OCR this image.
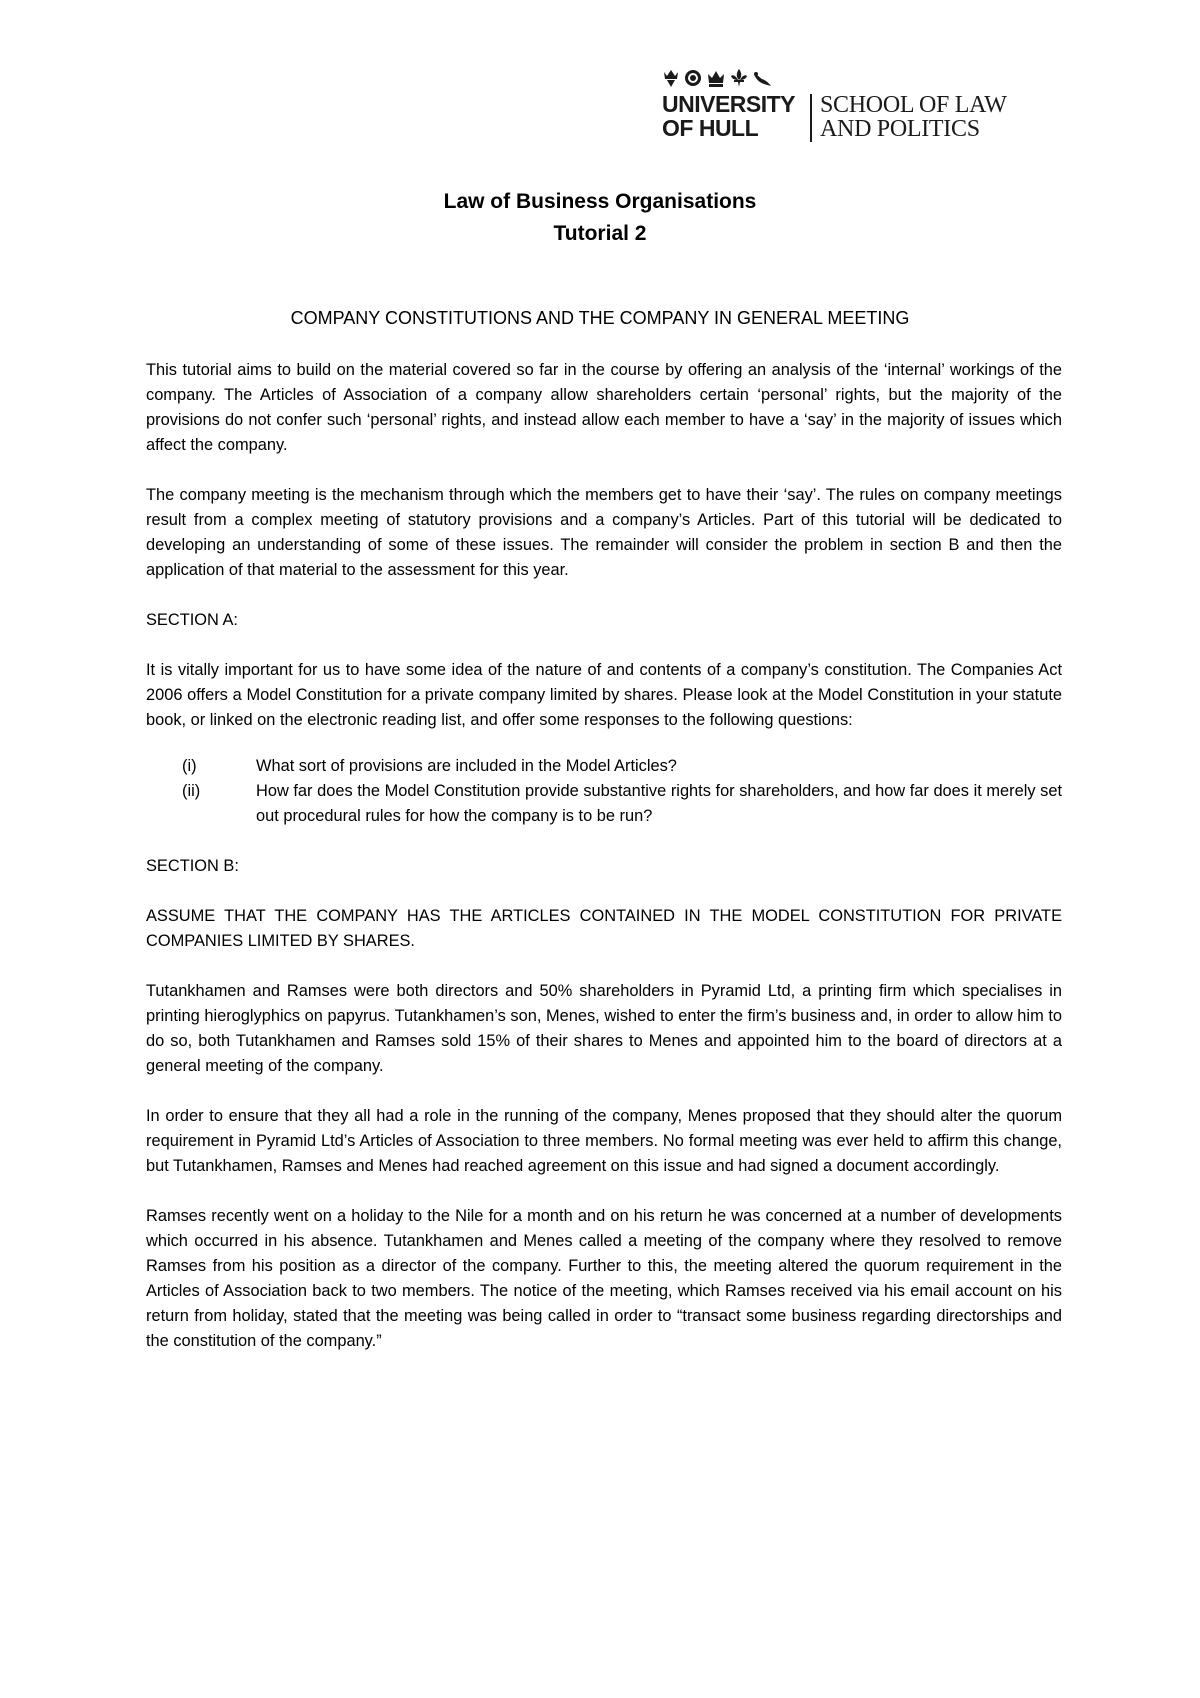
UNIVERSITY
OF HULL
SCHOOL OF LAW
AND POLITICS
Law of Business Organisations
Tutorial 2
COMPANY CONSTITUTIONS AND THE COMPANY IN GENERAL MEETING

This tutorial aims to build on the material covered so far in the course by offering an analysis of the ‘internal’ workings of the company. The Articles of Association of a company allow shareholders certain ‘personal’ rights, but the majority of the provisions do not confer such ‘personal’ rights, and instead allow each member to have a ‘say’ in the majority of issues which affect the company.

The company meeting is the mechanism through which the members get to have their ‘say’. The rules on company meetings result from a complex meeting of statutory provisions and a company’s Articles. Part of this tutorial will be dedicated to developing an understanding of some of these issues. The remainder will consider the problem in section B and then the application of that material to the assessment for this year.

SECTION A:

It is vitally important for us to have some idea of the nature of and contents of a company’s constitution. The Companies Act 2006 offers a Model Constitution for a private company limited by shares. Please look at the Model Constitution in your statute book, or linked on the electronic reading list, and offer some responses to the following questions:

(i)	What sort of provisions are included in the Model Articles?
(ii)	How far does the Model Constitution provide substantive rights for shareholders, and how far does it merely set out procedural rules for how the company is to be run?
SECTION B:

ASSUME THAT THE COMPANY HAS THE ARTICLES CONTAINED IN THE MODEL CONSTITUTION FOR PRIVATE COMPANIES LIMITED BY SHARES.

Tutankhamen and Ramses were both directors and 50% shareholders in Pyramid Ltd, a printing firm which specialises in printing hieroglyphics on papyrus. Tutankhamen’s son, Menes, wished to enter the firm’s business and, in order to allow him to do so, both Tutankhamen and Ramses sold 15% of their shares to Menes and appointed him to the board of directors at a general meeting of the company.

In order to ensure that they all had a role in the running of the company, Menes proposed that they should alter the quorum requirement in Pyramid Ltd’s Articles of Association to three members. No formal meeting was ever held to affirm this change, but Tutankhamen, Ramses and Menes had reached agreement on this issue and had signed a document accordingly.

Ramses recently went on a holiday to the Nile for a month and on his return he was concerned at a number of developments which occurred in his absence. Tutankhamen and Menes called a meeting of the company where they resolved to remove Ramses from his position as a director of the company. Further to this, the meeting altered the quorum requirement in the Articles of Association back to two members. The notice of the meeting, which Ramses received via his email account on his return from holiday, stated that the meeting was being called in order to “transact some business regarding directorships and the constitution of the company.”
